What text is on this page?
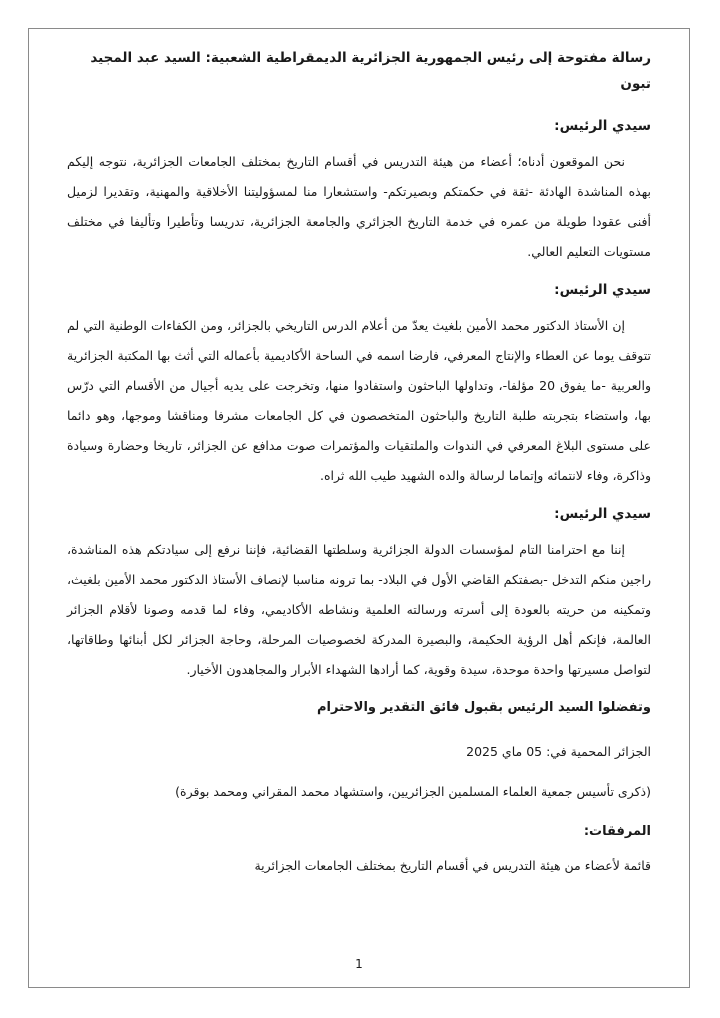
رسالة مفتوحة إلى رئيس الجمهورية الجزائرية الديمقراطية الشعبية: السيد عبد المجيد تبون
سيدي الرئيس:

نحن الموقعون أدناه؛ أعضاء من هيئة التدريس في أقسام التاريخ بمختلف الجامعات الجزائرية، نتوجه إليكم بهذه المناشدة الهادئة -ثقة في حكمتكم وبصيرتكم- واستشعارا منا لمسؤوليتنا الأخلاقية والمهنية، وتقديرا لزميل أفنى عقودا طويلة من عمره في خدمة التاريخ الجزائري والجامعة الجزائرية، تدريسا وتأطيرا وتأليفا في مختلف مستويات التعليم العالي.

سيدي الرئيس:

إن الأستاذ الدكتور محمد الأمين بلغيث يعدّ من أعلام الدرس التاريخي بالجزائر، ومن الكفاءات الوطنية التي لم تتوقف يوما عن العطاء والإنتاج المعرفي، فارضا اسمه في الساحة الأكاديمية بأعماله التي أثث بها المكتبة الجزائرية والعربية -ما يفوق 20 مؤلفا-، وتداولها الباحثون واستفادوا منها، وتخرجت على يديه أجيال من الأقسام التي درّس بها، واستضاء بتجربته طلبة التاريخ والباحثون المتخصصون في كل الجامعات مشرفا ومناقشا وموجها، وهو دائما على مستوى البلاغ المعرفي في الندوات والملتقيات والمؤتمرات صوت مدافع عن الجزائر، تاريخا وحضارة وسيادة وذاكرة، وفاء لانتمائه وإتماما لرسالة والده الشهيد طيب الله ثراه.

سيدي الرئيس:

إننا مع احترامنا التام لمؤسسات الدولة الجزائرية وسلطتها القضائية، فإننا نرفع إلى سيادتكم هذه المناشدة، راجين منكم التدخل -بصفتكم القاضي الأول في البلاد- بما ترونه مناسبا لإنصاف الأستاذ الدكتور محمد الأمين بلغيث، وتمكينه من حريته بالعودة إلى أسرته ورسالته العلمية ونشاطه الأكاديمي، وفاء لما قدمه وصونا لأقلام الجزائر العالمة، فإنكم أهل الرؤية الحكيمة، والبصيرة المدركة لخصوصيات المرحلة، وحاجة الجزائر لكل أبنائها وطاقاتها، لتواصل مسيرتها واحدة موحدة، سيدة وقوية، كما أرادها الشهداء الأبرار والمجاهدون الأخيار.

وتفضلوا السيد الرئيس بقبول فائق التقدير والاحترام
الجزائر المحمية في: 05 ماي 2025
(ذكرى تأسيس جمعية العلماء المسلمين الجزائريين، واستشهاد محمد المقراني ومحمد بوقرة)
المرفقات:
قائمة لأعضاء من هيئة التدريس في أقسام التاريخ بمختلف الجامعات الجزائرية
1
